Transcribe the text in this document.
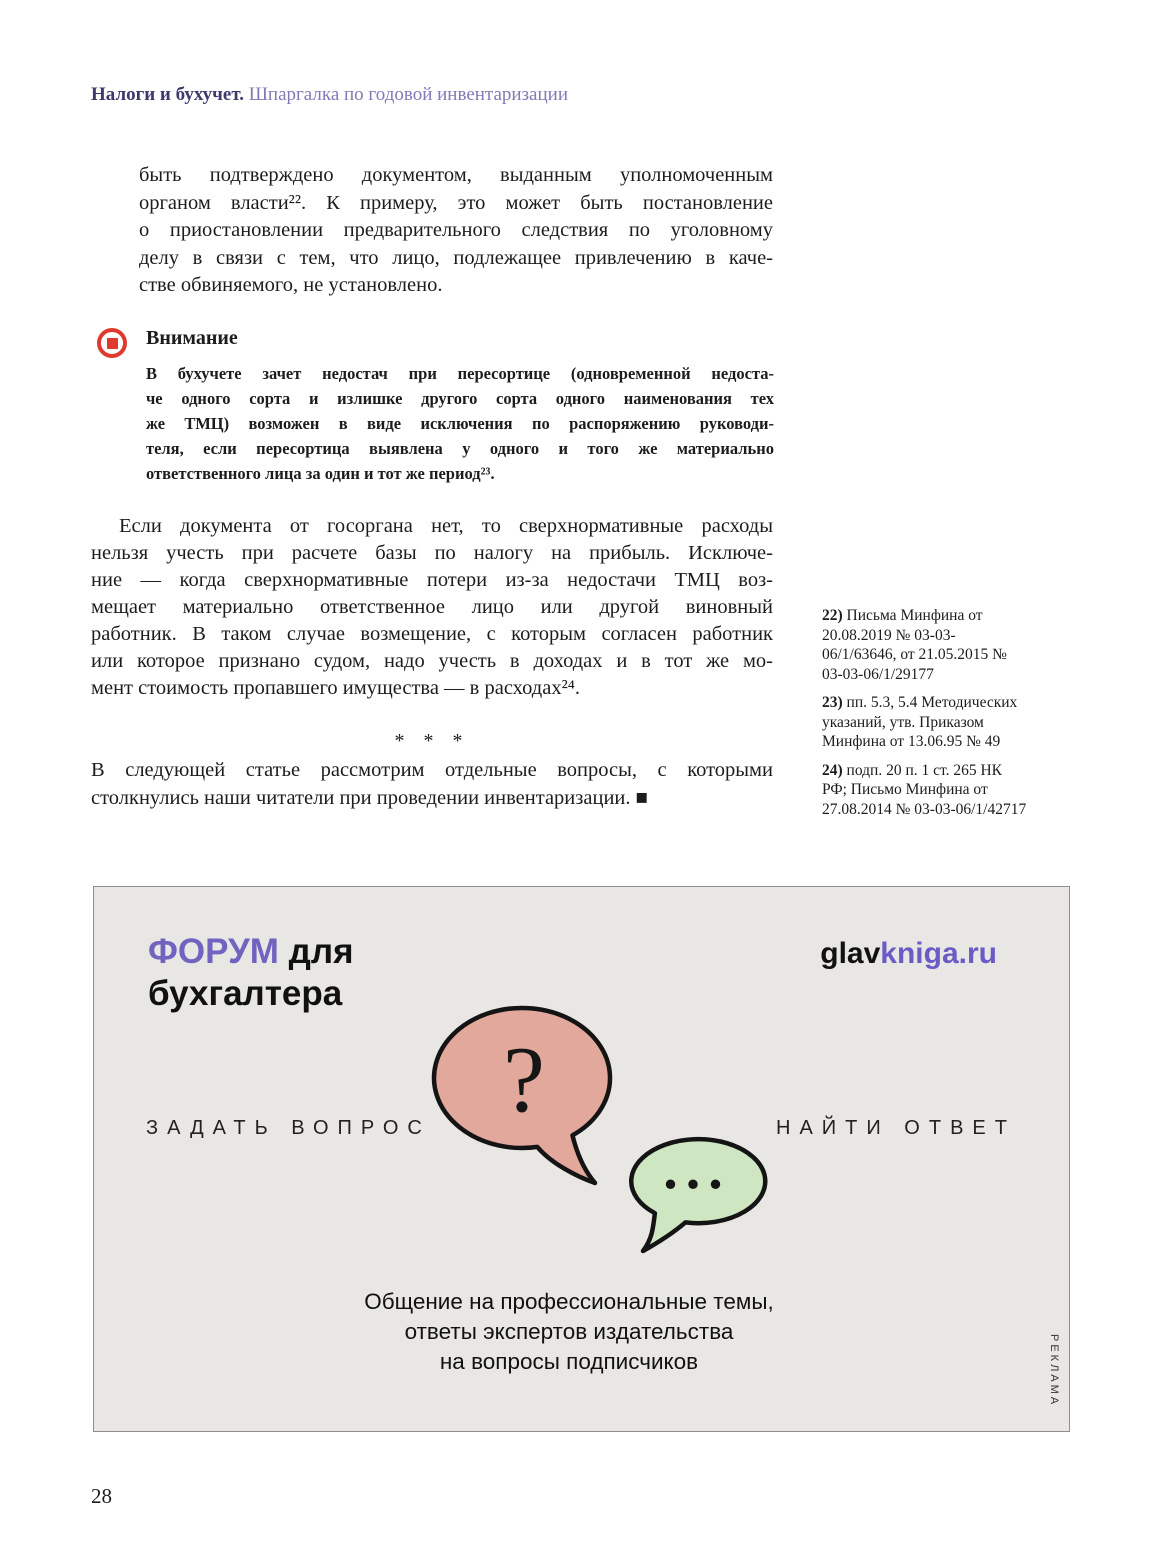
Налоги и бухучет. Шпаргалка по годовой инвентаризации
быть подтверждено документом, выданным уполномоченным
органом власти²². К примеру, это может быть постановление
о приостановлении предварительного следствия по уголовному
делу в связи с тем, что лицо, подлежащее привлечению в каче-
стве обвиняемого, не установлено.
Внимание
В бухучете зачет недостач при пересортице (одновременной недоста-
че одного сорта и излишке другого сорта одного наименования тех
же ТМЦ) возможен в виде исключения по распоряжению руководи-
теля, если пересортица выявлена у одного и того же материально
ответственного лица за один и тот же период²³.
Если документа от госоргана нет, то сверхнормативные расходы
нельзя учесть при расчете базы по налогу на прибыль. Исключе-
ние — когда сверхнормативные потери из-за недостачи ТМЦ воз-
мещает материально ответственное лицо или другой виновный
работник. В таком случае возмещение, с которым согласен работник
или которое признано судом, надо учесть в доходах и в тот же мо-
мент стоимость пропавшего имущества — в расходах²⁴.
22) Письма Минфина от 20.08.2019 № 03-03-06/1/63646, от 21.05.2015 № 03-03-06/1/29177
23) пп. 5.3, 5.4 Методических указаний, утв. Приказом Минфина от 13.06.95 № 49
24) подп. 20 п. 1 ст. 265 НК РФ; Письмо Минфина от 27.08.2014 № 03-03-06/1/42717
* * *
В следующей статье рассмотрим отдельные вопросы, с которыми
столкнулись наши читатели при проведении инвентаризации. ■
ФОРУМ для
бухгалтера
glavkniga.ru
ЗАДАТЬ ВОПРОС	НАЙТИ ОТВЕТ
?
...
Общение на профессиональные темы,
ответы экспертов издательства
на вопросы подписчиков	РЕКЛАМА
28
